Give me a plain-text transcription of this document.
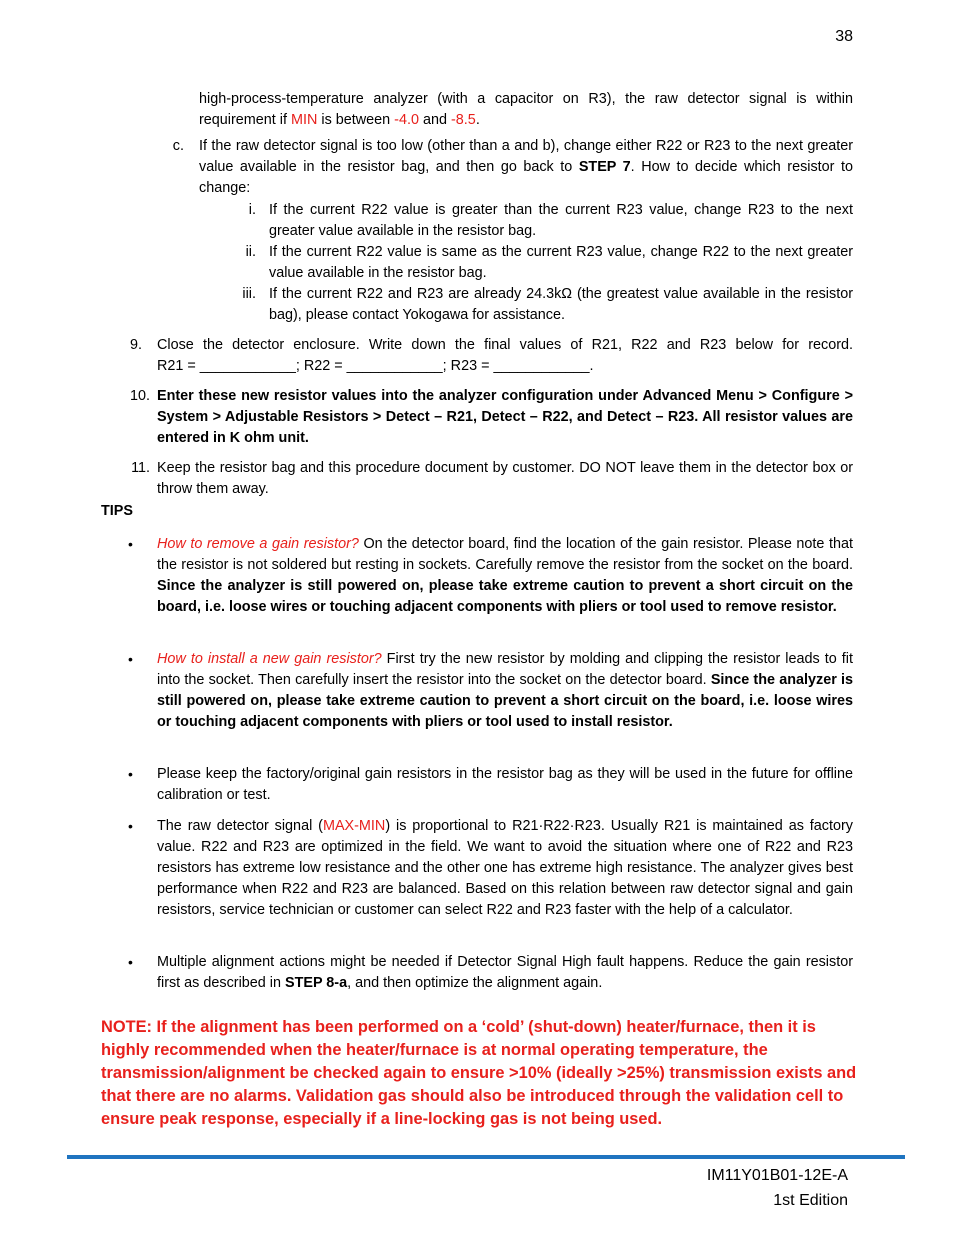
38
high-process-temperature analyzer (with a capacitor on R3), the raw detector signal is within requirement if MIN is between -4.0 and -8.5.
c. If the raw detector signal is too low (other than a and b), change either R22 or R23 to the next greater value available in the resistor bag, and then go back to STEP 7. How to decide which resistor to change:
i. If the current R22 value is greater than the current R23 value, change R23 to the next greater value available in the resistor bag.
ii. If the current R22 value is same as the current R23 value, change R22 to the next greater value available in the resistor bag.
iii. If the current R22 and R23 are already 24.3kΩ (the greatest value available in the resistor bag), please contact Yokogawa for assistance.
9. Close the detector enclosure. Write down the final values of R21, R22 and R23 below for record.
R21 = ____________; R22 = ____________; R23 = ____________.
10. Enter these new resistor values into the analyzer configuration under Advanced Menu > Configure > System > Adjustable Resistors > Detect – R21, Detect – R22, and Detect – R23. All resistor values are entered in K ohm unit.
11. Keep the resistor bag and this procedure document by customer. DO NOT leave them in the detector box or throw them away.
TIPS
• How to remove a gain resistor? On the detector board, find the location of the gain resistor. Please note that the resistor is not soldered but resting in sockets. Carefully remove the resistor from the socket on the board. Since the analyzer is still powered on, please take extreme caution to prevent a short circuit on the board, i.e. loose wires or touching adjacent components with pliers or tool used to remove resistor.
• How to install a new gain resistor? First try the new resistor by molding and clipping the resistor leads to fit into the socket. Then carefully insert the resistor into the socket on the detector board. Since the analyzer is still powered on, please take extreme caution to prevent a short circuit on the board, i.e. loose wires or touching adjacent components with pliers or tool used to install resistor.
• Please keep the factory/original gain resistors in the resistor bag as they will be used in the future for offline calibration or test.
• The raw detector signal (MAX-MIN) is proportional to R21·R22·R23. Usually R21 is maintained as factory value. R22 and R23 are optimized in the field. We want to avoid the situation where one of R22 and R23 resistors has extreme low resistance and the other one has extreme high resistance. The analyzer gives best performance when R22 and R23 are balanced. Based on this relation between raw detector signal and gain resistors, service technician or customer can select R22 and R23 faster with the help of a calculator.
• Multiple alignment actions might be needed if Detector Signal High fault happens. Reduce the gain resistor first as described in STEP 8-a, and then optimize the alignment again.
NOTE: If the alignment has been performed on a ‘cold’ (shut-down) heater/furnace, then it is highly recommended when the heater/furnace is at normal operating temperature, the transmission/alignment be checked again to ensure >10% (ideally >25%) transmission exists and that there are no alarms. Validation gas should also be introduced through the validation cell to ensure peak response, especially if a line-locking gas is not being used.
IM11Y01B01-12E-A
1st Edition
